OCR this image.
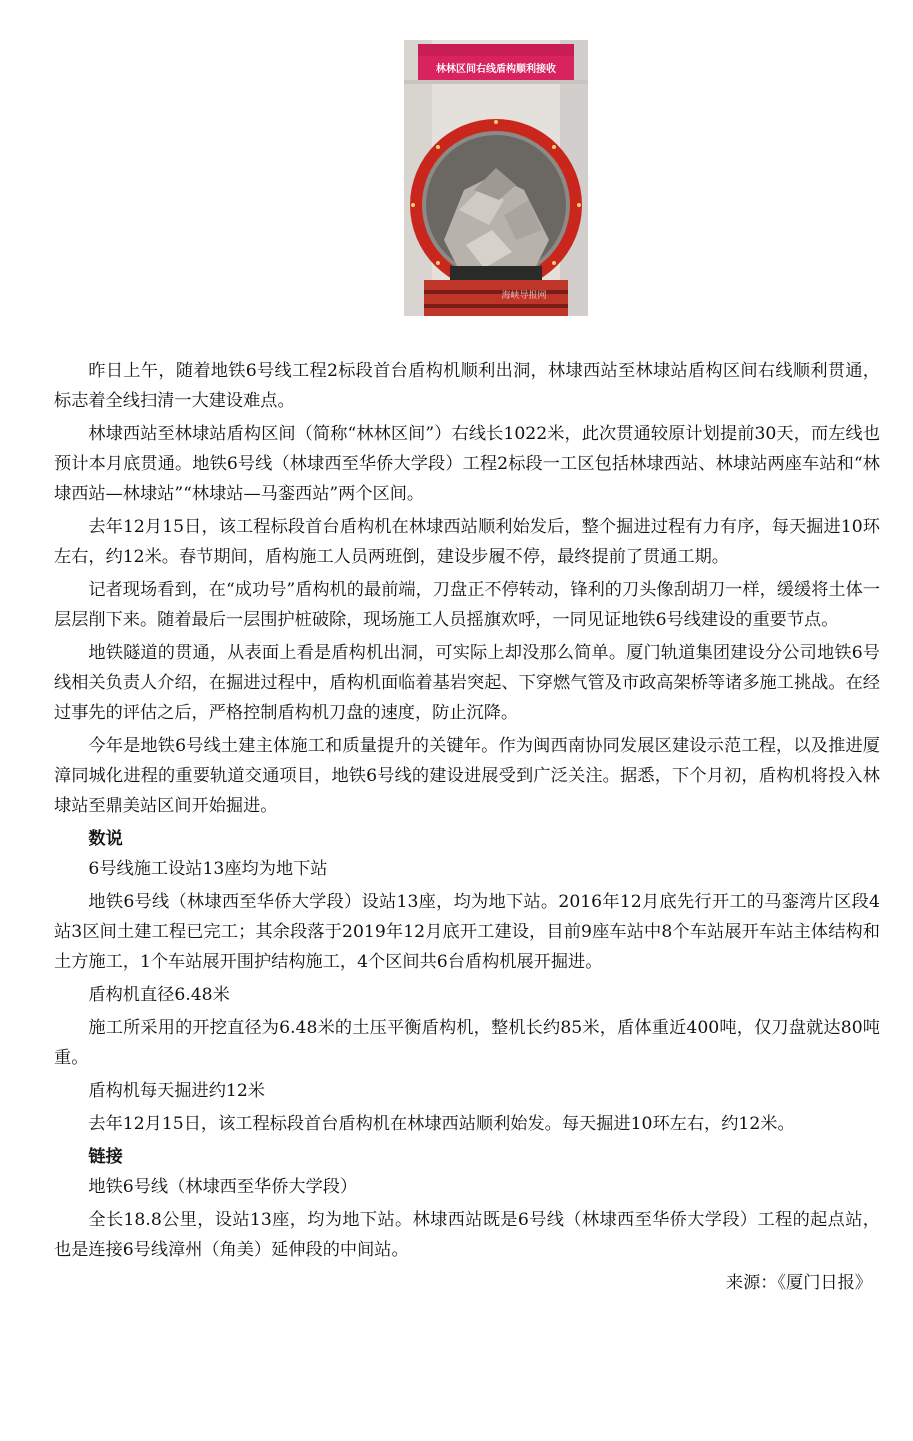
林林区间右线盾构顺利接收
海峡导报网

昨日上午，随着地铁6号线工程2标段首台盾构机顺利出洞，林埭西站至林埭站盾构区间右线顺利贯通，标志着全线扫清一大建设难点。

林埭西站至林埭站盾构区间（简称“林林区间”）右线长1022米，此次贯通较原计划提前30天，而左线也预计本月底贯通。地铁6号线（林埭西至华侨大学段）工程2标段一工区包括林埭西站、林埭站两座车站和“林埭西站—林埭站”“林埭站—马銮西站”两个区间。

去年12月15日，该工程标段首台盾构机在林埭西站顺利始发后，整个掘进过程有力有序，每天掘进10环左右，约12米。春节期间，盾构施工人员两班倒，建设步履不停，最终提前了贯通工期。

记者现场看到，在“成功号”盾构机的最前端，刀盘正不停转动，锋利的刀头像刮胡刀一样，缓缓将土体一层层削下来。随着最后一层围护桩破除，现场施工人员摇旗欢呼，一同见证地铁6号线建设的重要节点。

地铁隧道的贯通，从表面上看是盾构机出洞，可实际上却没那么简单。厦门轨道集团建设分公司地铁6号线相关负责人介绍，在掘进过程中，盾构机面临着基岩突起、下穿燃气管及市政高架桥等诸多施工挑战。在经过事先的评估之后，严格控制盾构机刀盘的速度，防止沉降。

今年是地铁6号线土建主体施工和质量提升的关键年。作为闽西南协同发展区建设示范工程，以及推进厦漳同城化进程的重要轨道交通项目，地铁6号线的建设进展受到广泛关注。据悉，下个月初，盾构机将投入林埭站至鼎美站区间开始掘进。

数说

6号线施工设站13座均为地下站

地铁6号线（林埭西至华侨大学段）设站13座，均为地下站。2016年12月底先行开工的马銮湾片区段4站3区间土建工程已完工；其余段落于2019年12月底开工建设，目前9座车站中8个车站展开车站主体结构和土方施工，1个车站展开围护结构施工，4个区间共6台盾构机展开掘进。

盾构机直径6.48米

施工所采用的开挖直径为6.48米的土压平衡盾构机，整机长约85米，盾体重近400吨，仅刀盘就达80吨重。

盾构机每天掘进约12米

去年12月15日，该工程标段首台盾构机在林埭西站顺利始发。每天掘进10环左右，约12米。

链接

地铁6号线（林埭西至华侨大学段）

全长18.8公里，设站13座，均为地下站。林埭西站既是6号线（林埭西至华侨大学段）工程的起点站，也是连接6号线漳州（角美）延伸段的中间站。

来源：《厦门日报》
